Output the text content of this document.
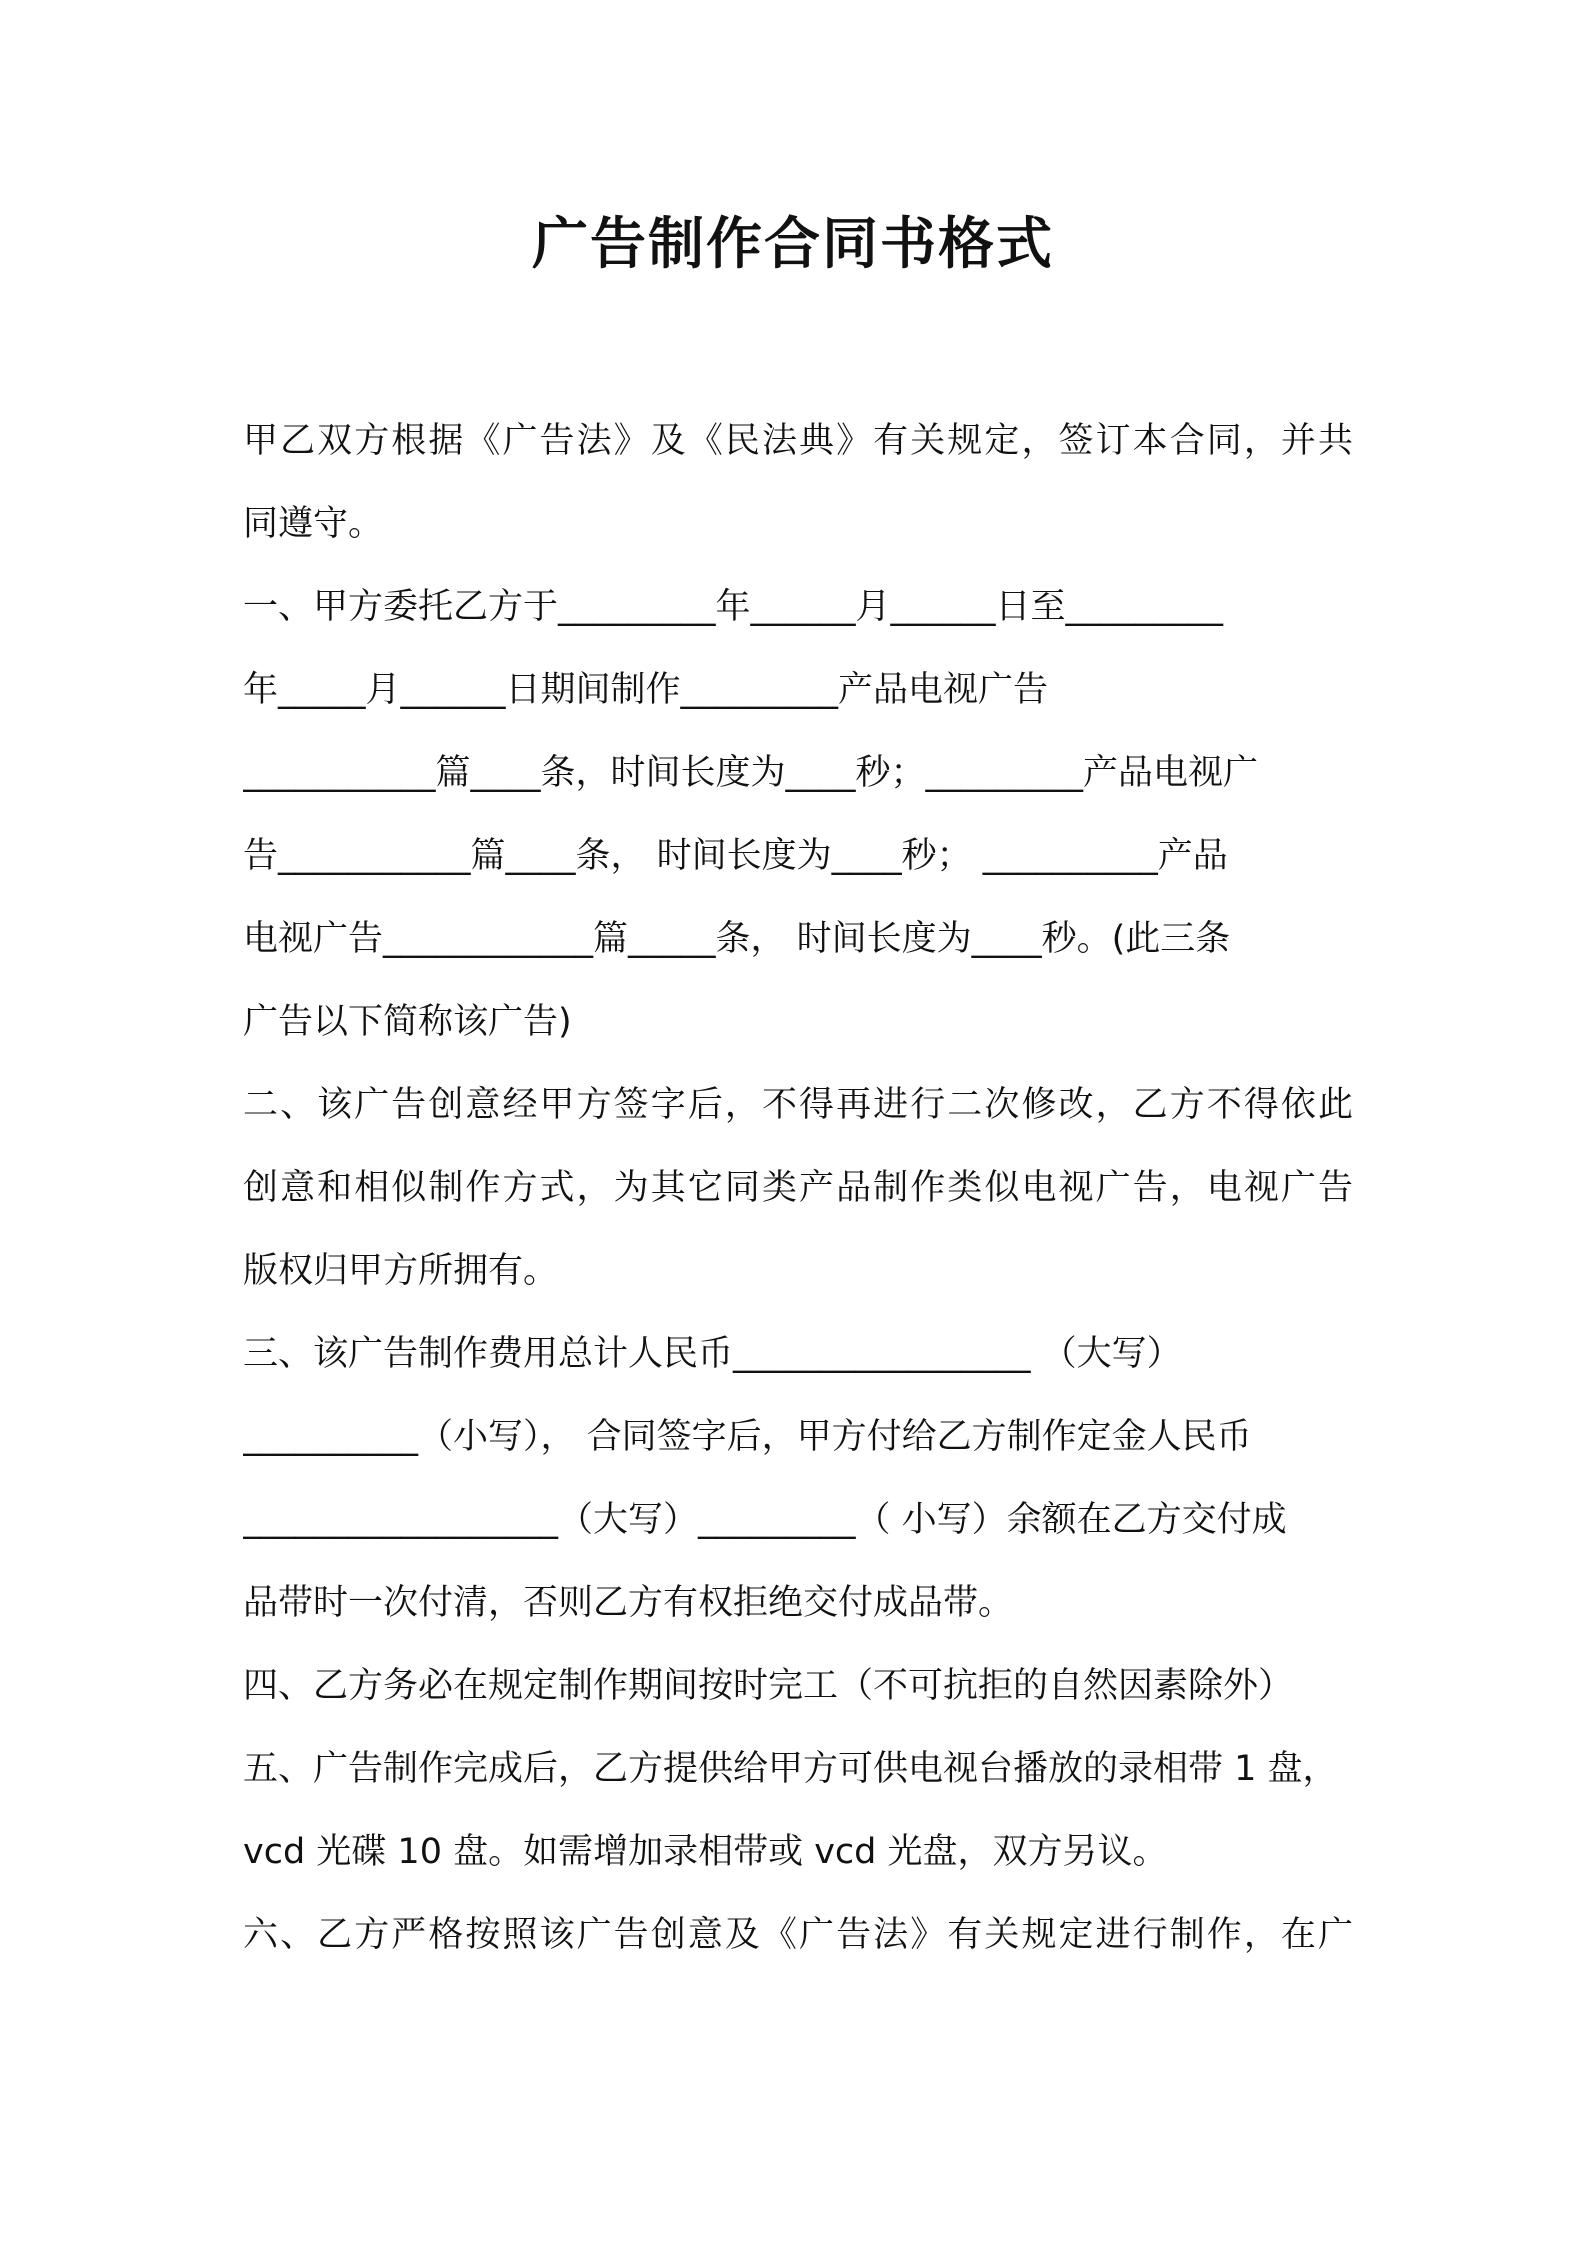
广告制作合同书格式

甲乙双方根据《广告法》及《民法典》有关规定，签订本合同，并共

同遵守。

一、甲方委托乙方于_________年______月______日至_________

年_____月______日期间制作_________产品电视广告

___________篇____条，时间长度为____秒；_________产品电视广

告___________篇____条， 时间长度为____秒； __________产品

电视广告____________篇_____条， 时间长度为____秒。(此三条

广告以下简称该广告)

二、该广告创意经甲方签字后，不得再进行二次修改，乙方不得依此

创意和相似制作方式，为其它同类产品制作类似电视广告，电视广告

版权归甲方所拥有。

三、该广告制作费用总计人民币_________________ （大写）

__________（小写）， 合同签字后，甲方付给乙方制作定金人民币

__________________（大写）_________（ 小写）余额在乙方交付成

品带时一次付清，否则乙方有权拒绝交付成品带。

四、乙方务必在规定制作期间按时完工（不可抗拒的自然因素除外）

五、广告制作完成后，乙方提供给甲方可供电视台播放的录相带 1 盘，

vcd 光碟 10 盘。如需增加录相带或 vcd 光盘，双方另议。

六、乙方严格按照该广告创意及《广告法》有关规定进行制作，在广
